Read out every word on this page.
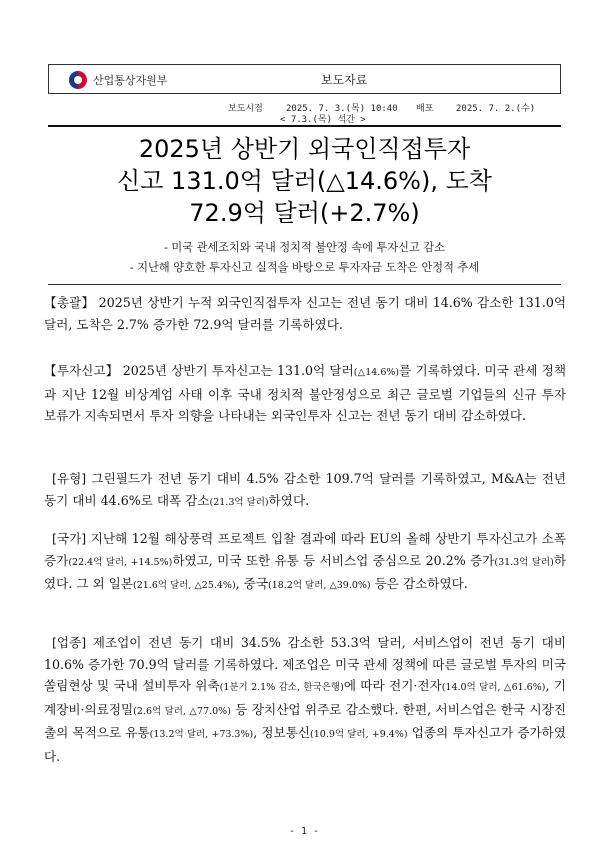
산업통상자원부	보도자료
보도시점	2025. 7. 3.(목) 10:40
< 7.3.(목) 석간 >
배포	2025. 7. 2.(수)
2025년 상반기 외국인직접투자
신고 131.0억 달러(△14.6%), 도착
72.9억 달러(+2.7%)
- 미국 관세조치와 국내 정치적 불안정 속에 투자신고 감소
- 지난해 양호한 투자신고 실적을 바탕으로 투자자금 도착은 안정적 추세

【총괄】 2025년 상반기 누적 외국인직접투자 신고는 전년 동기 대비 14.6% 감소한 131.0억 달러, 도착은 2.7% 증가한 72.9억 달러를 기록하였다.

【투자신고】 2025년 상반기 투자신고는 131.0억 달러(△14.6%)를 기록하였다. 미국 관세 정책과 지난 12월 비상계엄 사태 이후 국내 정치적 불안정성으로 최근 글로벌 기업들의 신규 투자 보류가 지속되면서 투자 의향을 나타내는 외국인투자 신고는 전년 동기 대비 감소하였다.

[유형] 그린필드가 전년 동기 대비 4.5% 감소한 109.7억 달러를 기록하였고, M&A는 전년 동기 대비 44.6%로 대폭 감소(21.3억 달러)하였다.

[국가] 지난해 12월 해상풍력 프로젝트 입찰 결과에 따라 EU의 올해 상반기 투자신고가 소폭 증가(22.4억 달러, +14.5%)하였고, 미국 또한 유통 등 서비스업 중심으로 20.2% 증가(31.3억 달러)하였다. 그 외 일본(21.6억 달러, △25.4%), 중국(18.2억 달러, △39.0%) 등은 감소하였다.

[업종] 제조업이 전년 동기 대비 34.5% 감소한 53.3억 달러, 서비스업이 전년 동기 대비 10.6% 증가한 70.9억 달러를 기록하였다. 제조업은 미국 관세 정책에 따른 글로벌 투자의 미국 쏠림현상 및 국내 설비투자 위축(1분기 2.1% 감소, 한국은행)에 따라 전기·전자(14.0억 달러, △61.6%), 기계장비·의료정밀(2.6억 달러, △77.0%) 등 장치산업 위주로 감소했다. 한편, 서비스업은 한국 시장진출의 목적으로 유통(13.2억 달러, +73.3%), 정보통신(10.9억 달러, +9.4%) 업종의 투자신고가 증가하였다.

- 1 -
